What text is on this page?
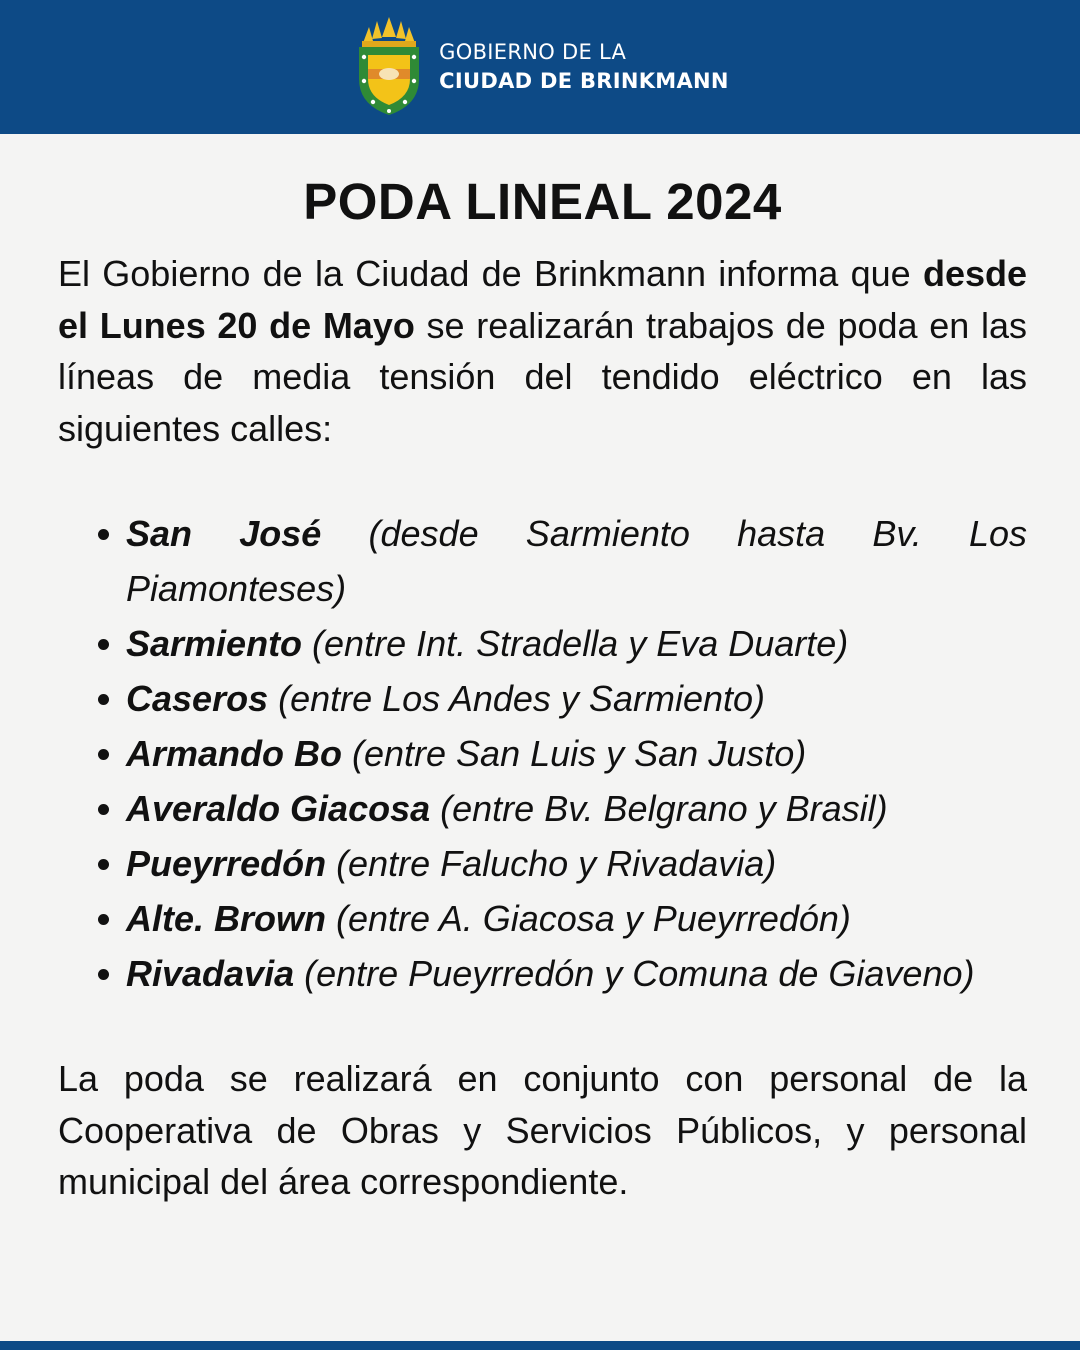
GOBIERNO DE LA
CIUDAD DE BRINKMANN
PODA LINEAL 2024

El Gobierno de la Ciudad de Brinkmann informa que desde el Lunes 20 de Mayo se realizarán trabajos de poda en las líneas de media tensión del tendido eléctrico en las siguientes calles:

San José (desde Sarmiento hasta Bv. Los Piamonteses)
Sarmiento (entre Int. Stradella y Eva Duarte)
Caseros (entre Los Andes y Sarmiento)
Armando Bo (entre San Luis y San Justo)
Averaldo Giacosa (entre Bv. Belgrano y Brasil)
Pueyrredón (entre Falucho y Rivadavia)
Alte. Brown (entre A. Giacosa y Pueyrredón)
Rivadavia (entre Pueyrredón y Comuna de Giaveno)

La poda se realizará en conjunto con personal de la Cooperativa de Obras y Servicios Públicos, y personal municipal del área correspondiente.
